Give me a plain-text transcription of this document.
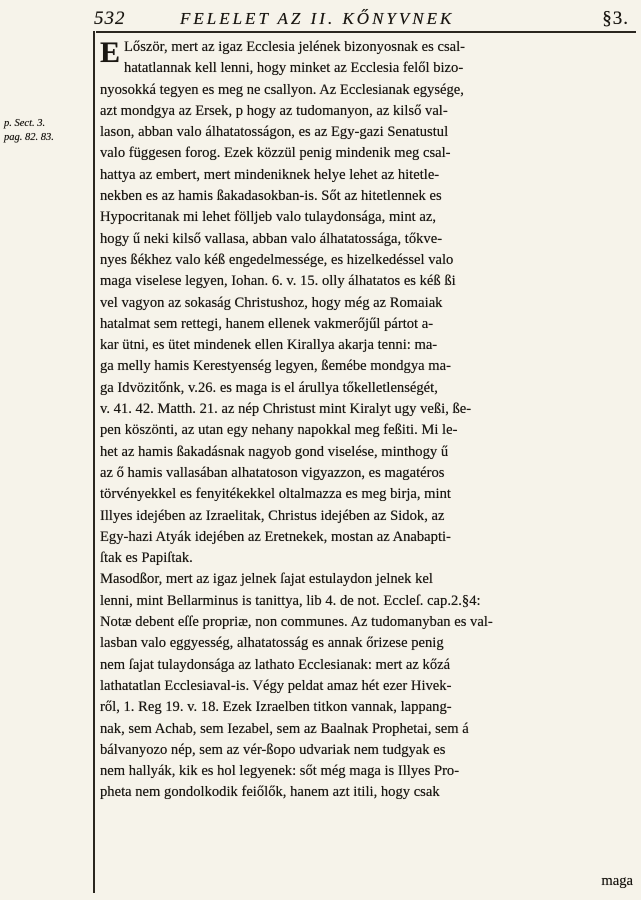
532	FELELET AZ II. KŐNYVNEK	§3.
p. Sect. 3.
pag. 82. 83.
E Lőször, mert az igaz Ecclesia jelének bizonyosnak es csal-
hatatlannak kell lenni, hogy minket az Ecclesia felől bizo-
nyosokká tegyen es meg ne csallyon. Az Ecclesianak egysége,
azt mondgya az Ersek, p hogy az tudomanyon, az kilső val-
lason, abban valo álhatatosságon, es az Egy-gazi Senatustul
valo függesen forog. Ezek közzül penig mindenik meg csal-
hattya az embert, mert mindeniknek helye lehet az hitetle-
nekben es az hamis ßakadasokban-is. Sőt az hitetlennek es
Hypocritanak mi lehet fölljeb valo tulaydonsága, mint az,
hogy ű neki kilső vallasa, abban valo álhatatossága, tőkve-
nyes ßékhez valo kéß engedelmessége, es hizelkedéssel valo
maga viselese legyen, Iohan. 6. v. 15. olly álhatatos es kéß ßi
vel vagyon az sokaság Christushoz, hogy még az Romaiak
hatalmat sem rettegi, hanem ellenek vakmerőjűl pártot a-
kar ütni, es ütet mindenek ellen Kirallya akarja tenni: ma-
ga melly hamis Kerestyenség legyen, ßemébe mondgya ma-
ga Idvözitőnk, v.26. es maga is el árullya tőkelletlenségét,
v. 41. 42. Matth. 21. az nép Christust mint Kiralyt ugy veßi, ße-
pen köszönti, az utan egy nehany napokkal meg feßiti. Mi le-
het az hamis ßakadásnak nagyob gond viselése, minthogy ű
az ő hamis vallasában alhatatoson vigyazzon, es magatéros
törvényekkel es fenyitékekkel oltalmazza es meg birja, mint
Illyes idejében az Izraelitak, Christus idejében az Sidok, az
Egy-hazi Atyák idejében az Eretnekek, mostan az Anabapti-
ſtak es Papiſtak.
Masodßor, mert az igaz jelnek ſajat estulaydon jelnek kel
lenni, mint Bellarminus is tanittya, lib 4. de not. Eccleſ. cap.2.§4:
Notæ debent eſſe propriæ, non communes. Az tudomanyban es val-
lasban valo eggyesség, alhatatosság es annak őrizese penig
nem ſajat tulaydonsága az lathato Ecclesianak: mert az kőzá
lathatatlan Ecclesiaval-is. Végy peldat amaz hét ezer Hivek-
ről, 1. Reg 19. v. 18. Ezek Izraelben titkon vannak, lappang-
nak, sem Achab, sem Iezabel, sem az Baalnak Prophetai, sem á
bálvanyozo nép, sem az vér-ßopo udvariak nem tudgyak es
nem hallyák, kik es hol legyenek: sőt még maga is Illyes Pro-
pheta nem gondolkodik feiőlők, hanem azt itili, hogy csak
maga
